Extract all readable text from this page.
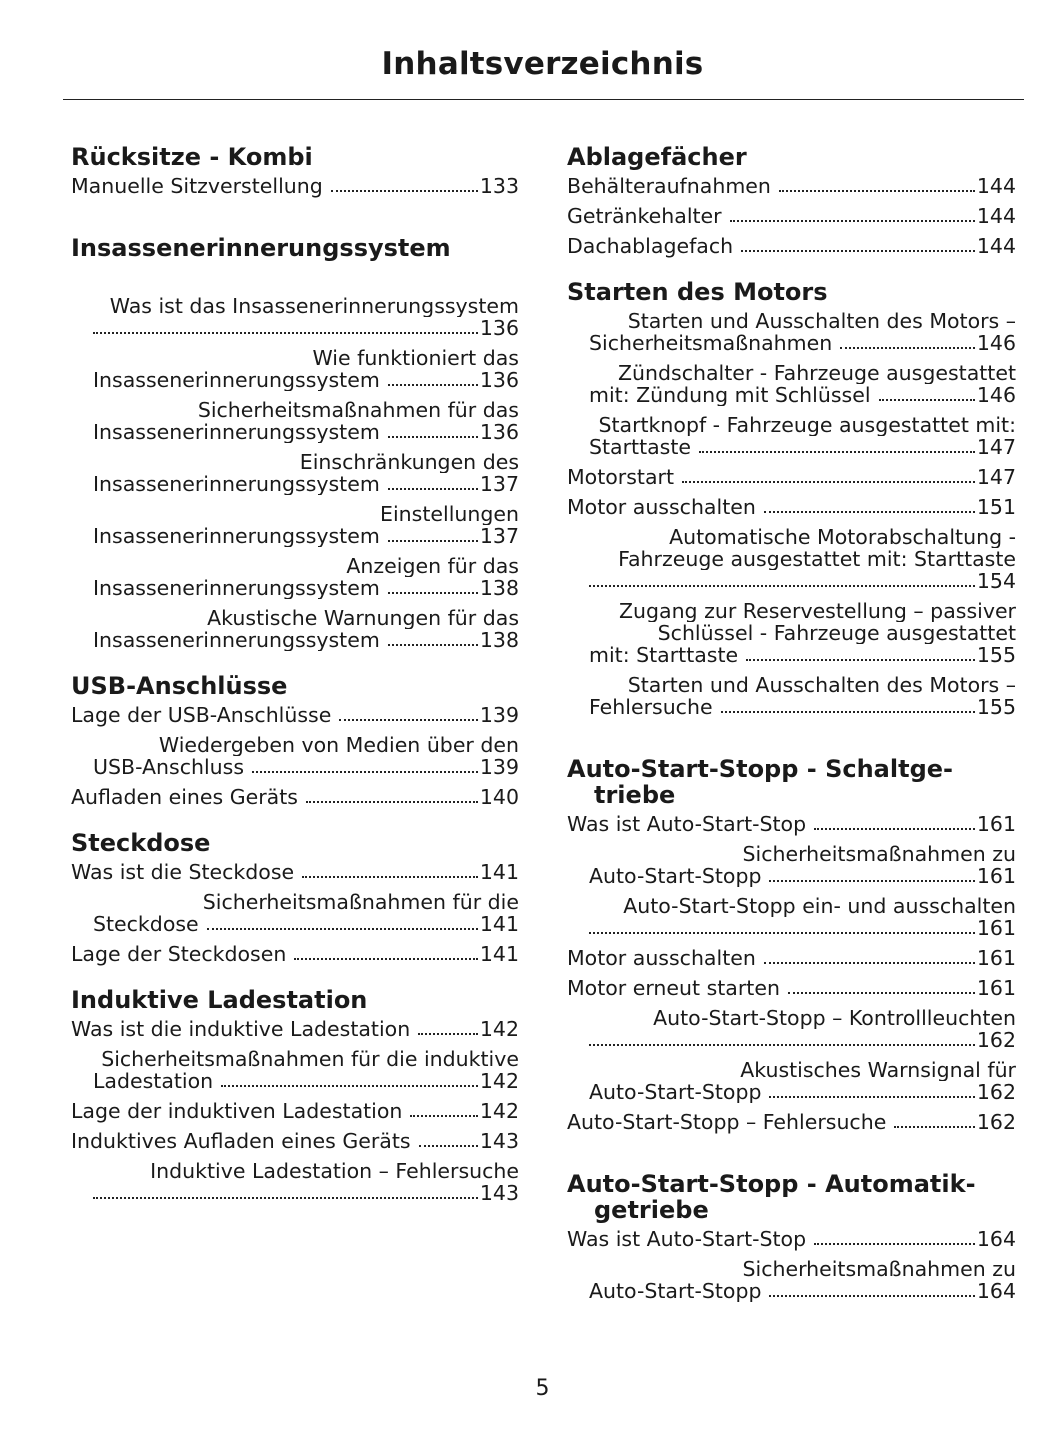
Inhaltsverzeichnis
Rücksitze - Kombi
Manuelle Sitzverstellung	133
Insassenerinnerungssystem
Was ist das Insassenerinnerungssystem
136
Wie funktioniert das
Insassenerinnerungssystem	136
Sicherheitsmaßnahmen für das
Insassenerinnerungssystem	136
Einschränkungen des
Insassenerinnerungssystem	137
Einstellungen
Insassenerinnerungssystem	137
Anzeigen für das
Insassenerinnerungssystem	138
Akustische Warnungen für das
Insassenerinnerungssystem	138
USB-Anschlüsse
Lage der USB-Anschlüsse	139
Wiedergeben von Medien über den
USB-Anschluss	139
Aufladen eines Geräts	140
Steckdose
Was ist die Steckdose	141
Sicherheitsmaßnahmen für die
Steckdose	141
Lage der Steckdosen	141
Induktive Ladestation
Was ist die induktive Ladestation	142
Sicherheitsmaßnahmen für die induktive
Ladestation	142
Lage der induktiven Ladestation	142
Induktives Aufladen eines Geräts	143
Induktive Ladestation – Fehlersuche
143
Ablagefächer
Behälteraufnahmen	144
Getränkehalter	144
Dachablagefach	144
Starten des Motors
Starten und Ausschalten des Motors –
Sicherheitsmaßnahmen	146
Zündschalter - Fahrzeuge ausgestattet
mit: Zündung mit Schlüssel	146
Startknopf - Fahrzeuge ausgestattet mit:
Starttaste	147
Motorstart	147
Motor ausschalten	151
Automatische Motorabschaltung -
Fahrzeuge ausgestattet mit: Starttaste
154
Zugang zur Reservestellung – passiver
Schlüssel - Fahrzeuge ausgestattet
mit: Starttaste	155
Starten und Ausschalten des Motors –
Fehlersuche	155
Auto-Start-Stopp - Schaltge-triebe
Was ist Auto-Start-Stop	161
Sicherheitsmaßnahmen zu
Auto-Start-Stopp	161
Auto-Start-Stopp ein- und ausschalten
161
Motor ausschalten	161
Motor erneut starten	161
Auto-Start-Stopp – Kontrollleuchten
162
Akustisches Warnsignal für
Auto-Start-Stopp	162
Auto-Start-Stopp – Fehlersuche	162
Auto-Start-Stopp - Automatik-getriebe
Was ist Auto-Start-Stop	164
Sicherheitsmaßnahmen zu
Auto-Start-Stopp	164
5
